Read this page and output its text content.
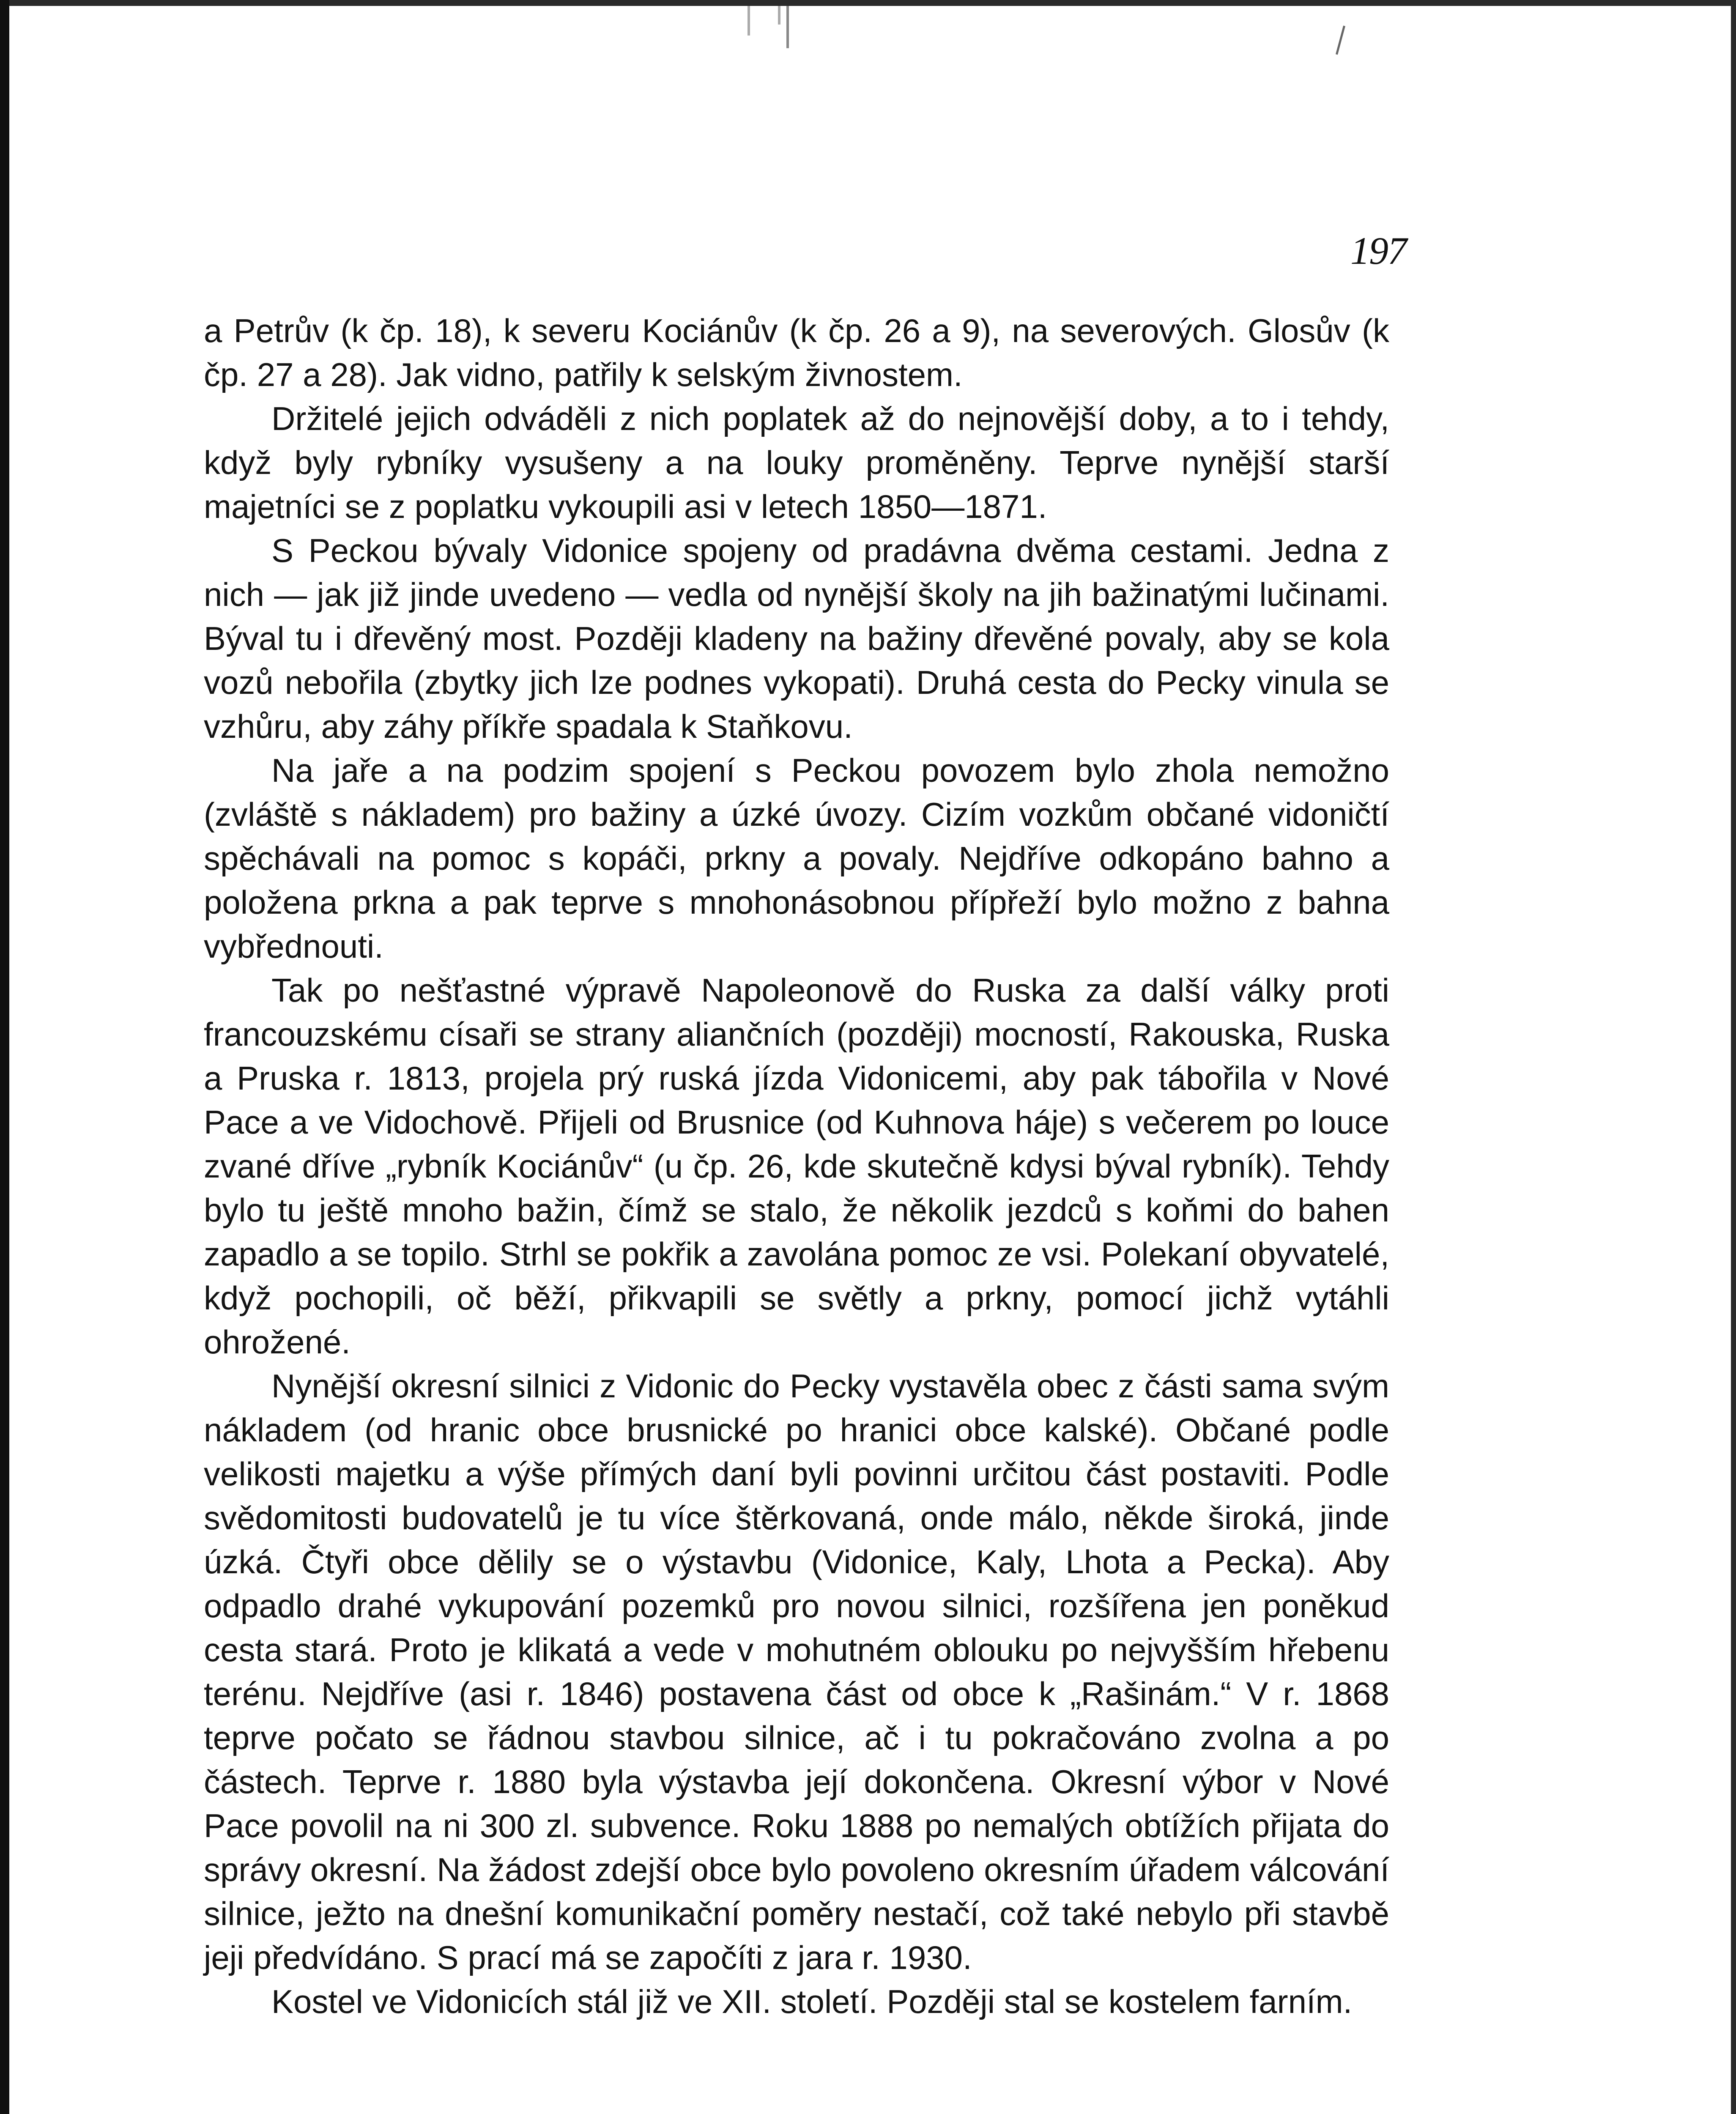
197

a Petrův (k čp. 18), k severu Kociánův (k čp. 26 a 9), na severových. Glosův (k čp. 27 a 28). Jak vidno, patřily k selským živnostem.

Držitelé jejich odváděli z nich poplatek až do nejnovější doby, a to i tehdy, když byly rybníky vysušeny a na louky proměněny. Teprve nynější starší majetníci se z poplatku vykoupili asi v letech 1850—1871.

S Peckou bývaly Vidonice spojeny od pradávna dvěma cestami. Jedna z nich — jak již jinde uvedeno — vedla od nynější školy na jih bažinatými lučinami. Býval tu i dřevěný most. Později kladeny na bažiny dřevěné povaly, aby se kola vozů nebořila (zbytky jich lze podnes vykopati). Druhá cesta do Pecky vinula se vzhůru, aby záhy příkře spadala k Staňkovu.

Na jaře a na podzim spojení s Peckou povozem bylo zhola nemožno (zvláště s nákladem) pro bažiny a úzké úvozy. Cizím vozkům občané vidoničtí spěchávali na pomoc s kopáči, prkny a povaly. Nejdříve odkopáno bahno a položena prkna a pak teprve s mnohonásobnou přípřeží bylo možno z bahna vybřednouti.

Tak po nešťastné výpravě Napoleonově do Ruska za další války proti francouzskému císaři se strany aliančních (později) mocností, Rakouska, Ruska a Pruska r. 1813, projela prý ruská jízda Vidonicemi, aby pak tábořila v Nové Pace a ve Vidochově. Přijeli od Brusnice (od Kuhnova háje) s večerem po louce zvané dříve „rybník Kociánův“ (u čp. 26, kde skutečně kdysi býval rybník). Tehdy bylo tu ještě mnoho bažin, čímž se stalo, že několik jezdců s koňmi do bahen zapadlo a se topilo. Strhl se pokřik a zavolána pomoc ze vsi. Polekaní obyvatelé, když pochopili, oč běží, přikvapili se světly a prkny, pomocí jichž vytáhli ohrožené.

Nynější okresní silnici z Vidonic do Pecky vystavěla obec z části sama svým nákladem (od hranic obce brusnické po hranici obce kalské). Občané podle velikosti majetku a výše přímých daní byli povinni určitou část postaviti. Podle svědomitosti budovatelů je tu více štěrkovaná, onde málo, někde široká, jinde úzká. Čtyři obce dělily se o výstavbu (Vidonice, Kaly, Lhota a Pecka). Aby odpadlo drahé vykupování pozemků pro novou silnici, rozšířena jen poněkud cesta stará. Proto je klikatá a vede v mohutném oblouku po nejvyšším hřebenu terénu. Nejdříve (asi r. 1846) postavena část od obce k „Rašinám.“ V r. 1868 teprve počato se řádnou stavbou silnice, ač i tu pokračováno zvolna a po částech. Teprve r. 1880 byla výstavba její dokončena. Okresní výbor v Nové Pace povolil na ni 300 zl. subvence. Roku 1888 po nemalých obtížích přijata do správy okresní. Na žádost zdejší obce bylo povoleno okresním úřadem válcování silnice, ježto na dnešní komunikační poměry nestačí, což také nebylo při stavbě jeji předvídáno. S prací má se započíti z jara r. 1930.

Kostel ve Vidonicích stál již ve XII. století. Později stal se kostelem farním.
